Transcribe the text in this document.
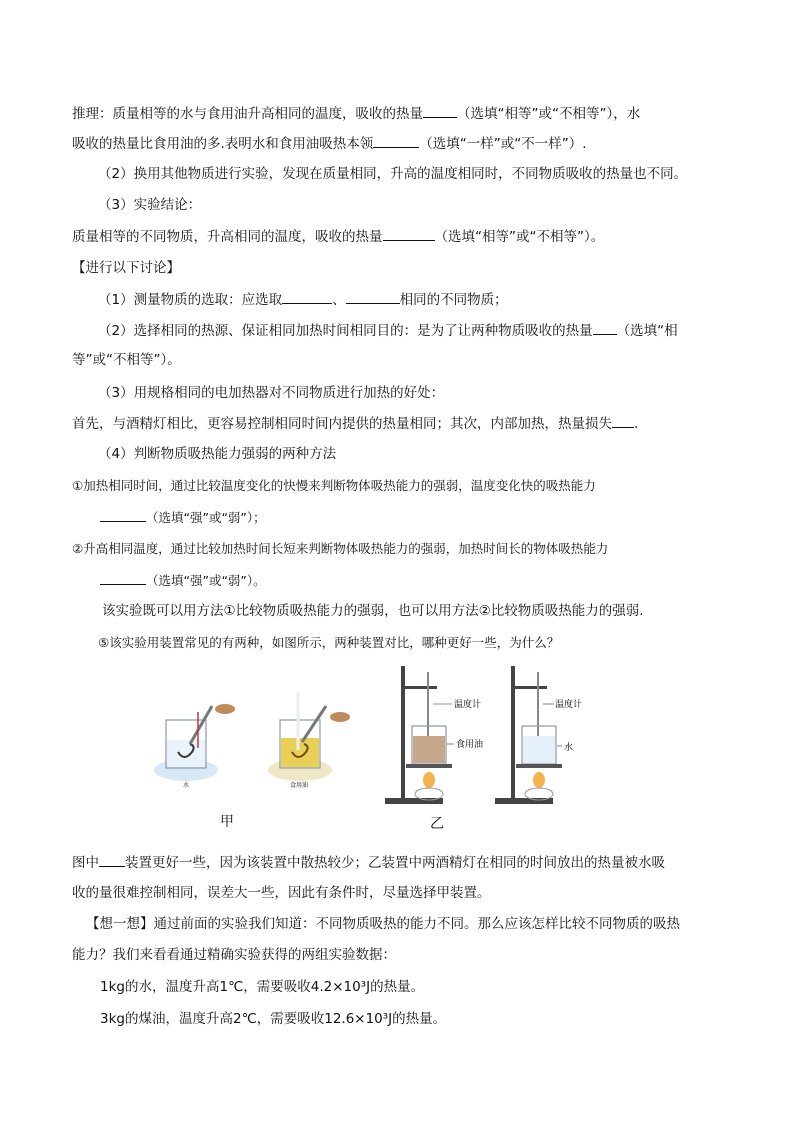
推理：质量相等的水与食用油升高相同的温度，吸收的热量	（选填“相等”或“不相等”），水
吸收的热量比食用油的多.表明水和食用油吸热本领	（选填“一样”或“不一样”）.
（2）换用其他物质进行实验，发现在质量相同，升高的温度相同时，不同物质吸收的热量也不同。
（3）实验结论：
质量相等的不同物质，升高相同的温度，吸收的热量	（选填“相等”或“不相等”）。
【进行以下讨论】
（1）测量物质的选取：应选取	、	相同的不同物质；
（2）选择相同的热源、保证相同加热时间相同目的：是为了让两种物质吸收的热量 （选填“相
等”或“不相等”）。
（3）用规格相同的电加热器对不同物质进行加热的好处：
首先，与酒精灯相比，更容易控制相同时间内提供的热量相同；其次，内部加热，热量损失 .
（4）判断物质吸热能力强弱的两种方法
①加热相同时间，通过比较温度变化的快慢来判断物体吸热能力的强弱，温度变化快的吸热能力
（选填“强”或“弱”）；
②升高相同温度，通过比较加热时间长短来判断物体吸热能力的强弱，加热时间长的物体吸热能力
（选填“强”或“弱”）。
该实验既可以用方法①比较物质吸热能力的强弱，也可以用方法②比较物质吸热能力的强弱.
⑤该实验用装置常见的有两种，如图所示，两种装置对比，哪种更好一些，为什么？
水	食用油
温度计
食用油
温度计
水
甲	乙
图中 装置更好一些，因为该装置中散热较少；乙装置中两酒精灯在相同的时间放出的热量被水吸
收的量很难控制相同，误差大一些，因此有条件时，尽量选择甲装置。
【想一想】通过前面的实验我们知道：不同物质吸热的能力不同。那么应该怎样比较不同物质的吸热
能力？我们来看看通过精确实验获得的两组实验数据：
1kg的水，温度升高1℃，需要吸收4.2×10³J的热量。
3kg的煤油，温度升高2℃，需要吸收12.6×10³J的热量。
